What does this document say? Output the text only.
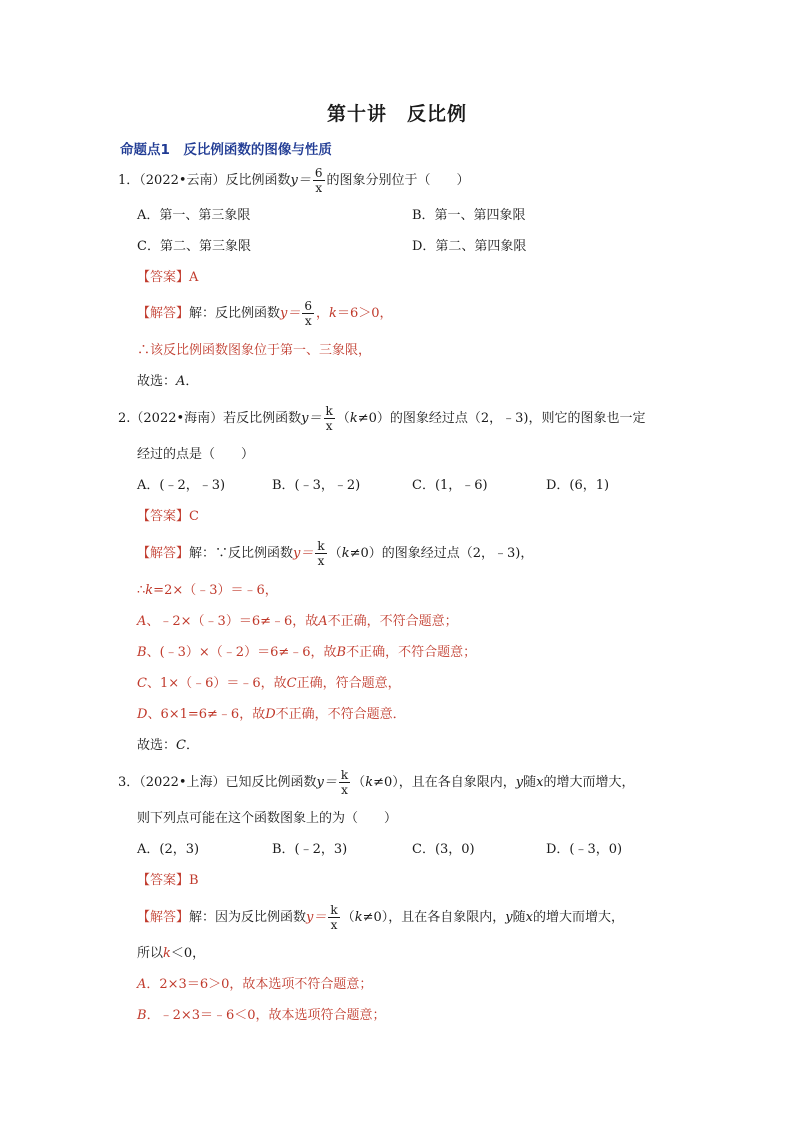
第十讲　反比例
命题点1　反比例函数的图像与性质
1．（2022•云南）反比例函数$y= \frac{6}{x}$ 的图象分别位于（　　）
A．第一、第三象限	B．第一、第四象限
C．第二、第三象限	D．第二、第四象限
【答案】A
【解答】解：反比例函数$y= \frac{6}{x}$ ，k＝6＞0，
∴该反比例函数图象位于第一、三象限，
故选：A．
2.（2022•海南）若反比例函数$y= \frac{k}{x} (k\ne 0)$的图象经过点（2，﹣3)，则它的图象也一定
经过的点是（　　）
A．(﹣2，﹣3)	B．(﹣3，﹣2)	C．(1，﹣6)	D．(6，1)
【答案】C
【解答】解：∵反比例函数$y= \frac{k}{x} (k\ne 0)$的图象经过点（2，﹣3)，
∴k=2×（﹣3）＝﹣6，
A、﹣2×（﹣3）＝6≠﹣6，故A不正确，不符合题意；
B、(﹣3）×（﹣2）＝6≠﹣6，故B不正确，不符合题意；
C、1×（﹣6）＝﹣6，故C正确，符合题意，
D、6×1=6≠﹣6，故D不正确，不符合题意．
故选：C．
3．（2022•上海）已知反比例函数$y= \frac{k}{x} (k\ne 0)$，且在各自象限内，y随x的增大而增大，
则下列点可能在这个函数图象上的为（　　）
A．(2，3)	B．(﹣2，3)	C．(3，0)	D．(﹣3，0)
【答案】B
【解答】解：因为反比例函数$y= \frac{k}{x} (k\ne 0)$，且在各自象限内，y随x的增大而增大，
所以k＜0，
A．2×3＝6＞0，故本选项不符合题意；
B．﹣2×3＝﹣6＜0，故本选项符合题意；
